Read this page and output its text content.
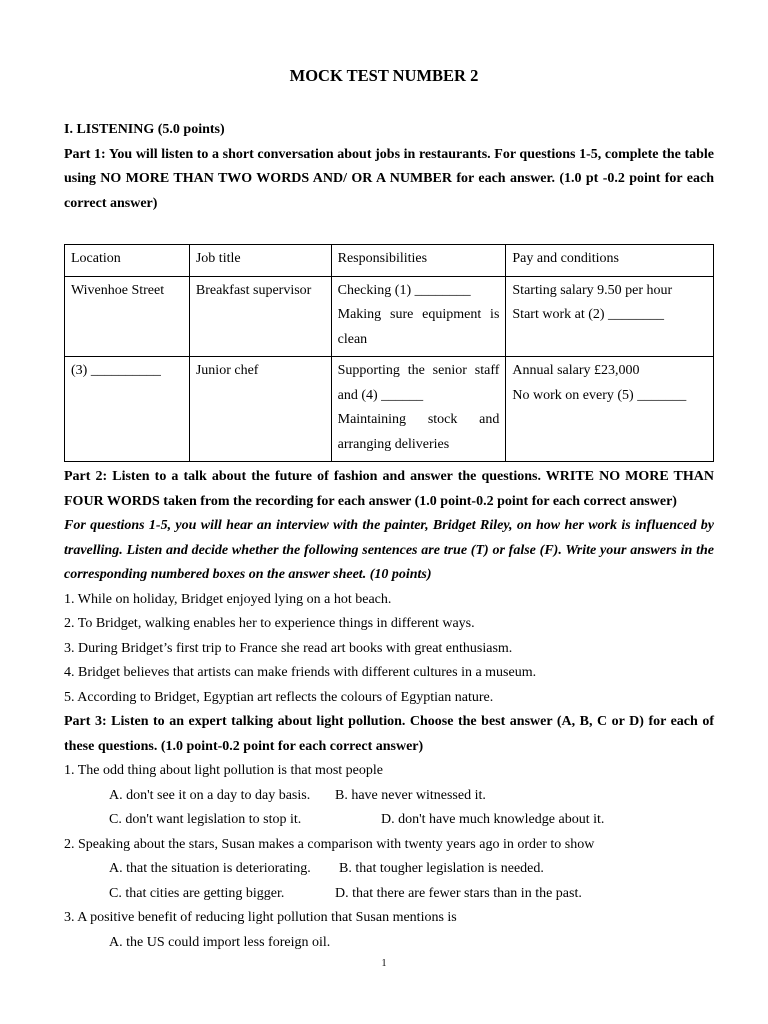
MOCK TEST NUMBER 2
I. LISTENING (5.0 points)
Part 1: You will listen to a short conversation about jobs in restaurants. For questions 1-5, complete the table
using NO MORE THAN TWO WORDS AND/ OR A NUMBER for each answer. (1.0 pt -0.2 point for each
correct answer)
Location	Job title	Responsibilities	Pay and conditions
Wivenhoe Street	Breakfast supervisor	Checking (1) ________
Making sure equipment is
clean	Starting salary 9.50 per hour
Start work at (2) ________

(3) __________	Junior chef	Supporting the senior staff
and (4) ______
Maintaining stock and
arranging deliveries	Annual salary £23,000
No work on every (5) _______
Part 2: Listen to a talk about the future of fashion and answer the questions. WRITE NO MORE THAN
FOUR WORDS taken from the recording for each answer (1.0 point-0.2 point for each correct answer)
For questions 1-5, you will hear an interview with the painter, Bridget Riley, on how her work is influenced by
travelling. Listen and decide whether the following sentences are true (T) or false (F). Write your answers in the
corresponding numbered boxes on the answer sheet. (10 points)
1. While on holiday, Bridget enjoyed lying on a hot beach.
2. To Bridget, walking enables her to experience things in different ways.
3. During Bridget’s first trip to France she read art books with great enthusiasm.
4. Bridget believes that artists can make friends with different cultures in a museum.
5. According to Bridget, Egyptian art reflects the colours of Egyptian nature.
Part 3: Listen to an expert talking about light pollution. Choose the best answer (A, B, C or D) for each of
these questions. (1.0 point-0.2 point for each correct answer)
1. The odd thing about light pollution is that most people
A. don't see it on a day to day basis.	B. have never witnessed it.
C. don't want legislation to stop it.	D. don't have much knowledge about it.
2. Speaking about the stars, Susan makes a comparison with twenty years ago in order to show
A. that the situation is deteriorating.	B. that tougher legislation is needed.
C. that cities are getting bigger.	D. that there are fewer stars than in the past.
3. A positive benefit of reducing light pollution that Susan mentions is
A. the US could import less foreign oil.
1
